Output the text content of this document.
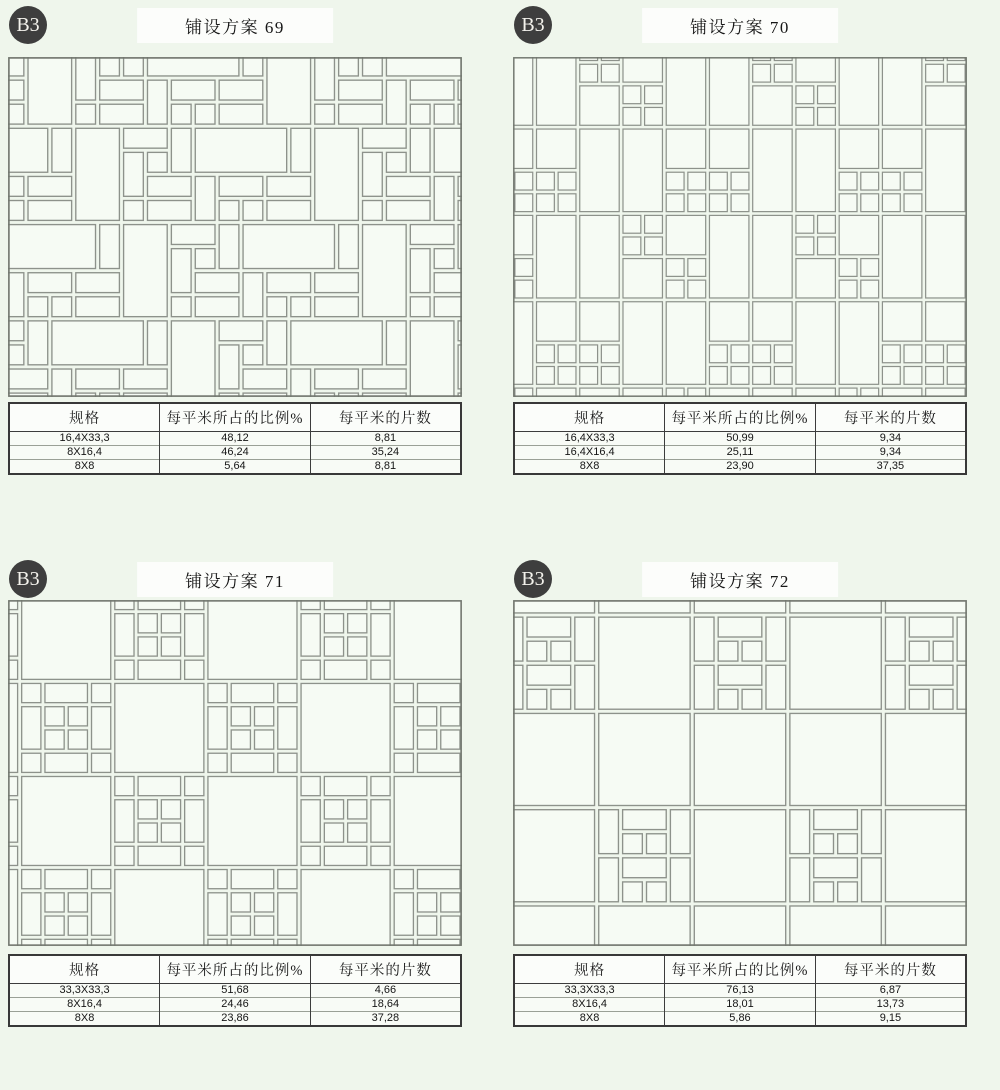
B3	铺设方案 69
规格	每平米所占的比例%	每平米的片数
16,4X33,3	48,12	8,81
8X16,4	46,24	35,24
8X8	5,64	8,81
B3	铺设方案 70
规格	每平米所占的比例%	每平米的片数
16,4X33,3	50,99	9,34
16,4X16,4	25,11	9,34
8X8	23,90	37,35
B3	铺设方案 71
规格	每平米所占的比例%	每平米的片数
33,3X33,3	51,68	4,66
8X16,4	24,46	18,64
8X8	23,86	37,28
B3	铺设方案 72
规格	每平米所占的比例%	每平米的片数
33,3X33,3	76,13	6,87
8X16,4	18,01	13,73
8X8	5,86	9,15
